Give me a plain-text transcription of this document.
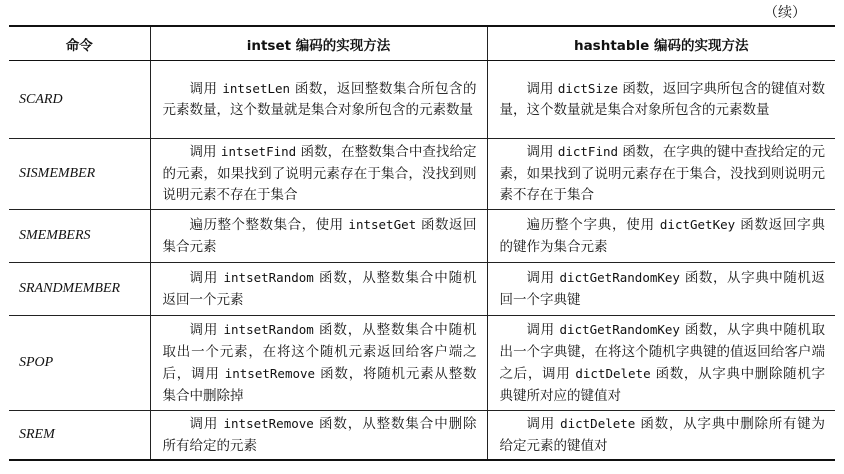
（续）
命令	intset 编码的实现方法	hashtable 编码的实现方法
SCARD	调用 intsetLen 函数，返回整数集合所包含的元素数量，这个数量就是集合对象所包含的元素数量	调用 dictSize 函数，返回字典所包含的键值对数量，这个数量就是集合对象所包含的元素数量
SISMEMBER	调用 intsetFind 函数，在整数集合中查找给定的元素，如果找到了说明元素存在于集合，没找到则说明元素不存在于集合	调用 dictFind 函数，在字典的键中查找给定的元素，如果找到了说明元素存在于集合，没找到则说明元素不存在于集合
SMEMBERS	遍历整个整数集合，使用 intsetGet 函数返回集合元素	遍历整个字典，使用 dictGetKey 函数返回字典的键作为集合元素
SRANDMEMBER	调用 intsetRandom 函数，从整数集合中随机返回一个元素	调用 dictGetRandomKey 函数，从字典中随机返回一个字典键
SPOP	调用 intsetRandom 函数，从整数集合中随机取出一个元素，在将这个随机元素返回给客户端之后，调用 intsetRemove 函数，将随机元素从整数集合中删除掉	调用 dictGetRandomKey 函数，从字典中随机取出一个字典键，在将这个随机字典键的值返回给客户端之后，调用 dictDelete 函数，从字典中删除随机字典键所对应的键值对
SREM	调用 intsetRemove 函数，从整数集合中删除所有给定的元素	调用 dictDelete 函数，从字典中删除所有键为给定元素的键值对
